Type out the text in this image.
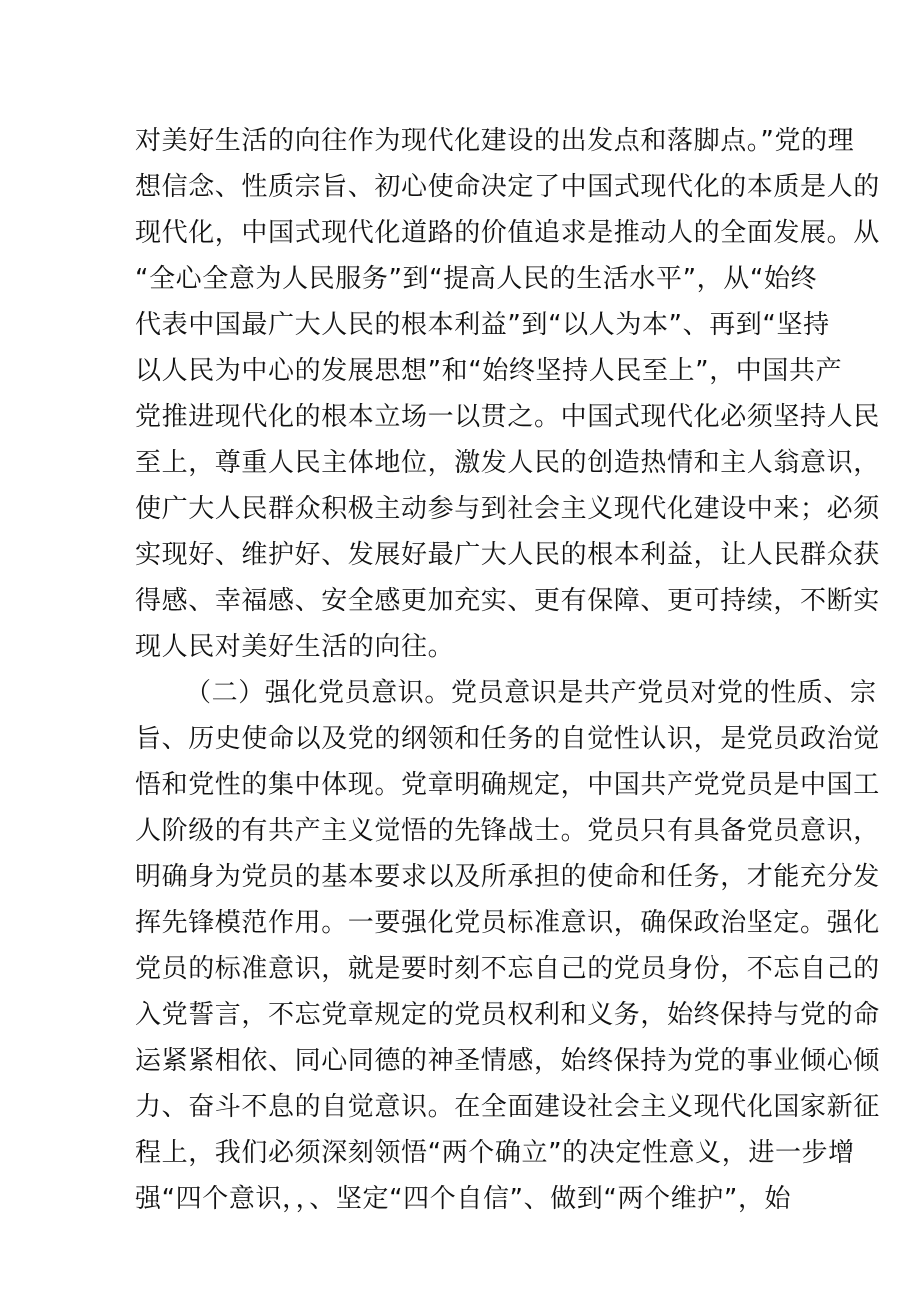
对美好生活的向往作为现代化建设的出发点和落脚点。”党的理
想信念、性质宗旨、初心使命决定了中国式现代化的本质是人的
现代化，中国式现代化道路的价值追求是推动人的全面发展。从
“全心全意为人民服务”到“提高人民的生活水平”，从“始终
代表中国最广大人民的根本利益”到“以人为本”、再到“坚持
以人民为中心的发展思想”和“始终坚持人民至上”，中国共产
党推进现代化的根本立场一以贯之。中国式现代化必须坚持人民
至上，尊重人民主体地位，激发人民的创造热情和主人翁意识，
使广大人民群众积极主动参与到社会主义现代化建设中来；必须
实现好、维护好、发展好最广大人民的根本利益，让人民群众获
得感、幸福感、安全感更加充实、更有保障、更可持续，不断实
现人民对美好生活的向往。
（二）强化党员意识。党员意识是共产党员对党的性质、宗
旨、历史使命以及党的纲领和任务的自觉性认识，是党员政治觉
悟和党性的集中体现。党章明确规定，中国共产党党员是中国工
人阶级的有共产主义觉悟的先锋战士。党员只有具备党员意识，
明确身为党员的基本要求以及所承担的使命和任务，才能充分发
挥先锋模范作用。一要强化党员标准意识，确保政治坚定。强化
党员的标准意识，就是要时刻不忘自己的党员身份，不忘自己的
入党誓言，不忘党章规定的党员权利和义务，始终保持与党的命
运紧紧相依、同心同德的神圣情感，始终保持为党的事业倾心倾
力、奋斗不息的自觉意识。在全面建设社会主义现代化国家新征
程上，我们必须深刻领悟“两个确立”的决定性意义，进一步增
强“四个意识，，、坚定“四个自信”、做到“两个维护”，始
